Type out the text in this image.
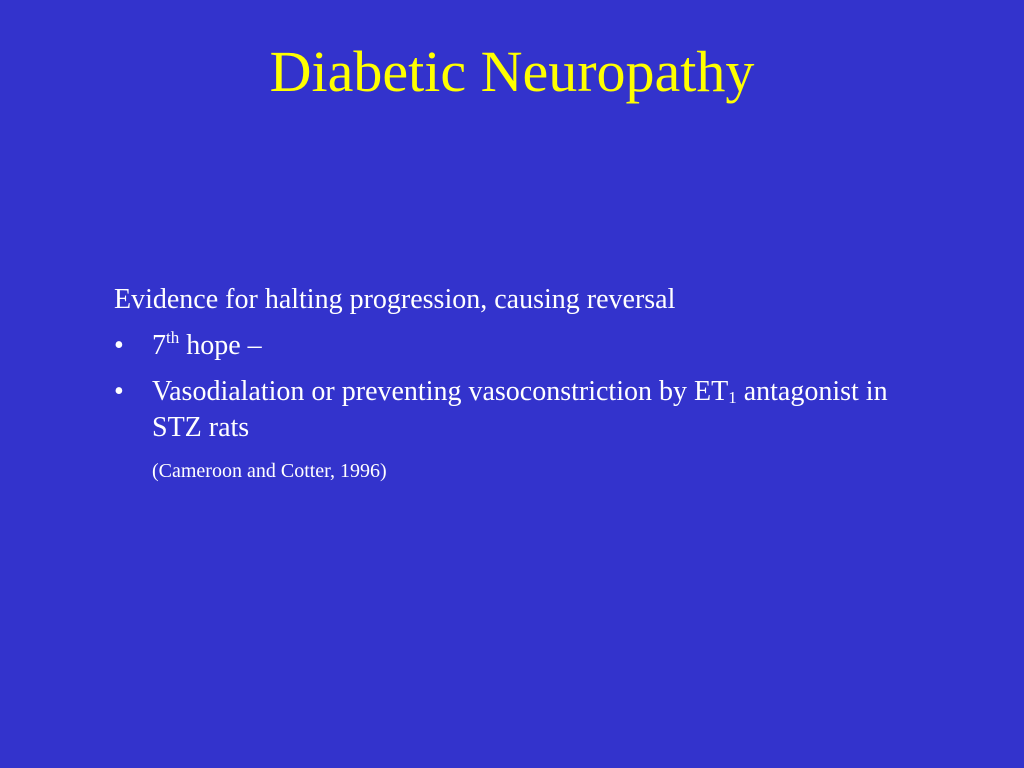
Diabetic Neuropathy

Evidence for halting progression, causing reversal

•	7th hope –
•	Vasodialation or preventing vasoconstriction by $ET_1$ antagonist in STZ rats
(Cameroon and Cotter, 1996)
